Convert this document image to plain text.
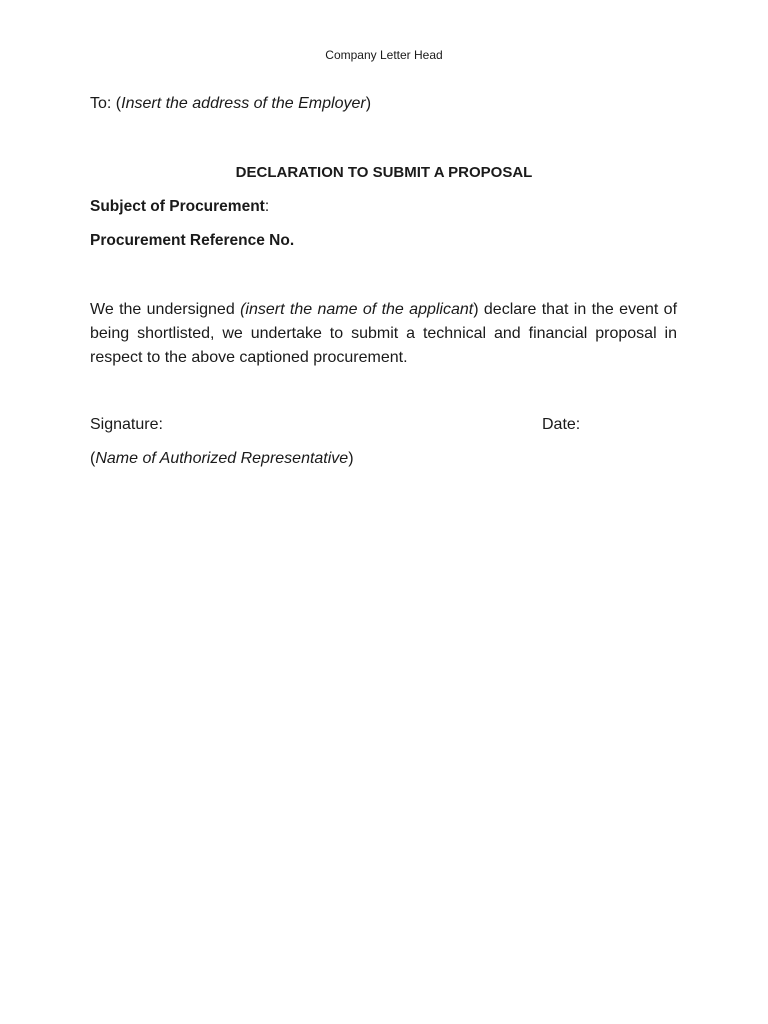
Company Letter Head
To: (Insert the address of the Employer)
DECLARATION TO SUBMIT A PROPOSAL
Subject of Procurement:
Procurement Reference No.
We the undersigned (insert the name of the applicant) declare that in the event of
being shortlisted, we undertake to submit a technical and financial proposal in
respect to the above captioned procurement.
Signature:	Date:
(Name of Authorized Representative)
